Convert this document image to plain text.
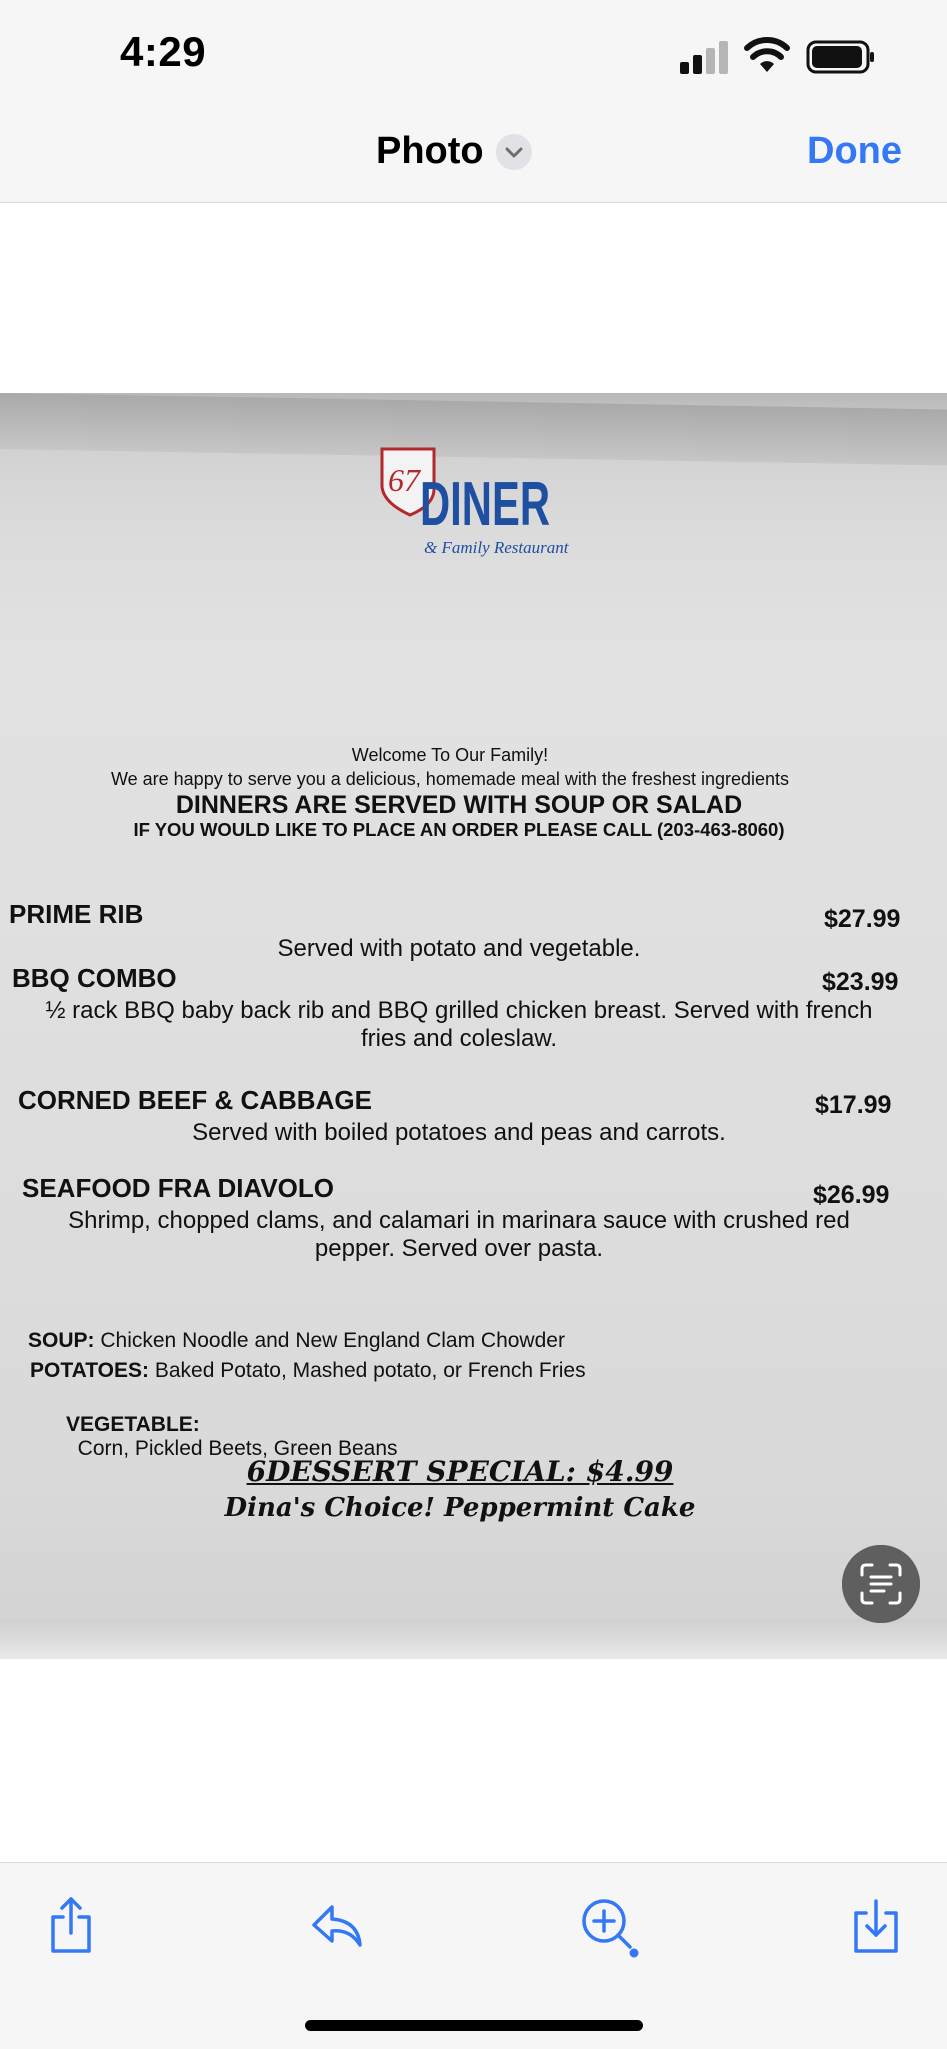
4:29
Photo	Done
67 DINER
& Family Restaurant
Welcome To Our Family!
We are happy to serve you a delicious, homemade meal with the freshest ingredients
DINNERS ARE SERVED WITH SOUP OR SALAD
IF YOU WOULD LIKE TO PLACE AN ORDER PLEASE CALL (203-463-8060)
PRIME RIB	$27.99
Served with potato and vegetable.
BBQ COMBO	$23.99
½ rack BBQ baby back rib and BBQ grilled chicken breast. Served with french
fries and coleslaw.
CORNED BEEF & CABBAGE	$17.99
Served with boiled potatoes and peas and carrots.
SEAFOOD FRA DIAVOLO	$26.99
Shrimp, chopped clams, and calamari in marinara sauce with crushed red
pepper. Served over pasta.
SOUP: Chicken Noodle and New England Clam Chowder
POTATOES: Baked Potato, Mashed potato, or French Fries

VEGETABLE:
Corn, Pickled Beets, Green Beans

6DESSERT SPECIAL: $4.99
Dina's Choice! Peppermint Cake
